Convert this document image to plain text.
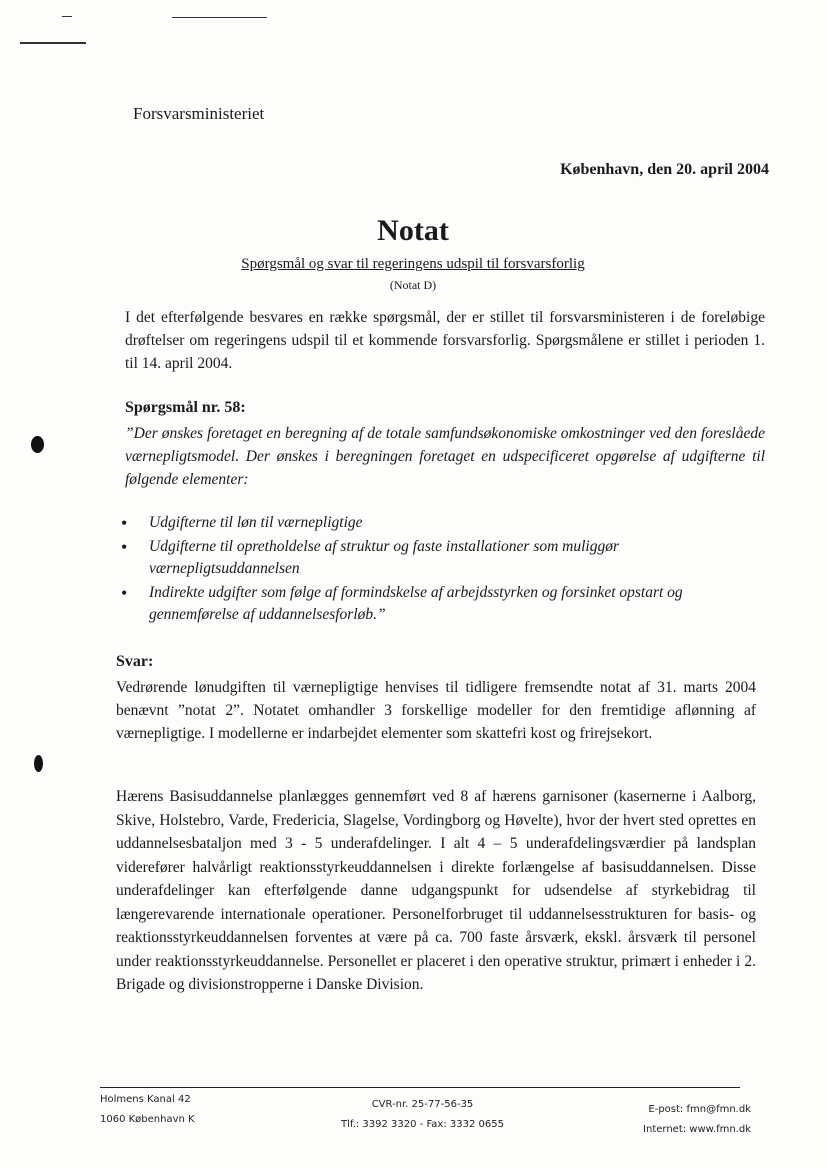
Forsvarsministeriet
København, den 20. april 2004
Notat
Spørgsmål og svar til regeringens udspil til forsvarsforlig
(Notat D)
I det efterfølgende besvares en række spørgsmål, der er stillet til forsvarsministeren i de foreløbige drøftelser om regeringens udspil til et kommende forsvarsforlig. Spørgsmålene er stillet i perioden 1. til 14. april 2004.
Spørgsmål nr. 58:
”Der ønskes foretaget en beregning af de totale samfundsøkonomiske omkostninger ved den foreslåede værnepligtsmodel. Der ønskes i beregningen foretaget en udspecificeret opgørelse af udgifterne til følgende elementer:
• Udgifterne til løn til værnepligtige
• Udgifterne til opretholdelse af struktur og faste installationer som muliggør værnepligtsuddannelsen
• Indirekte udgifter som følge af formindskelse af arbejdsstyrken og forsinket opstart og gennemførelse af uddannelsesforløb.”
Svar:
Vedrørende lønudgiften til værnepligtige henvises til tidligere fremsendte notat af 31. marts 2004 benævnt ”notat 2”. Notatet omhandler 3 forskellige modeller for den fremtidige aflønning af værnepligtige. I modellerne er indarbejdet elementer som skattefri kost og frirejsekort.
Hærens Basisuddannelse planlægges gennemført ved 8 af hærens garnisoner (kasernerne i Aalborg, Skive, Holstebro, Varde, Fredericia, Slagelse, Vordingborg og Høvelte), hvor der hvert sted oprettes en uddannelsesbataljon med 3 - 5 underafdelinger. I alt 4 – 5 underafdelingsværdier på landsplan viderefører halvårligt reaktionsstyrkeuddannelsen i direkte forlængelse af basisuddannelsen. Disse underafdelinger kan efterfølgende danne udgangspunkt for udsendelse af styrkebidrag til længerevarende internationale operationer. Personelforbruget til uddannelsesstrukturen for basis- og reaktionsstyrkeuddannelsen forventes at være på ca. 700 faste årsværk, ekskl. årsværk til personel under reaktionsstyrkeuddannelse. Personellet er placeret i den operative struktur, primært i enheder i 2. Brigade og divisionstropperne i Danske Division.
Holmens Kanal 42
1060 København K
CVR-nr. 25-77-56-35
Tlf.: 3392 3320 - Fax: 3332 0655
E-post: fmn@fmn.dk
Internet: www.fmn.dk
